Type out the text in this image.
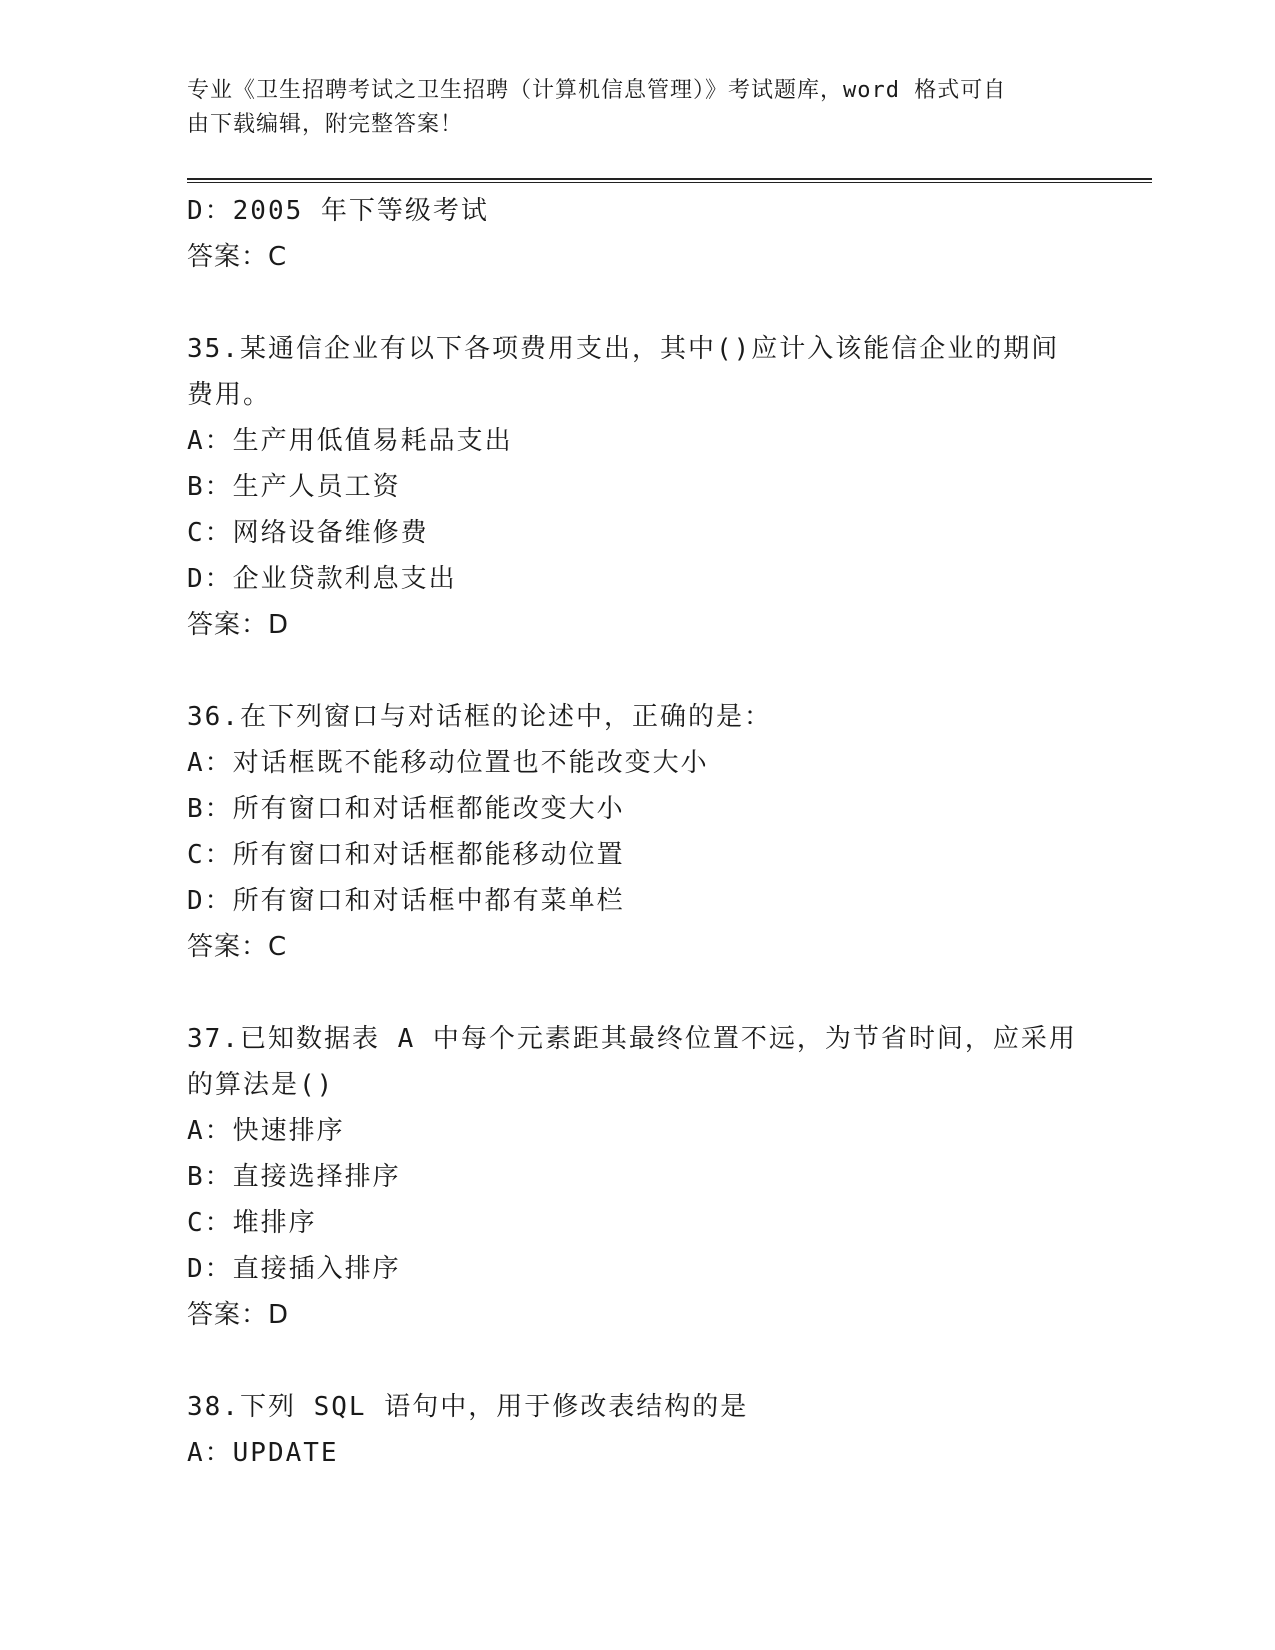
专业《卫生招聘考试之卫生招聘（计算机信息管理）》考试题库，word 格式可自
由下载编辑，附完整答案！
D：2005 年下等级考试
答案：C
35.某通信企业有以下各项费用支出，其中()应计入该能信企业的期间
费用。
A：生产用低值易耗品支出
B：生产人员工资
C：网络设备维修费
D：企业贷款利息支出
答案：D
36.在下列窗口与对话框的论述中，正确的是：
A：对话框既不能移动位置也不能改变大小
B：所有窗口和对话框都能改变大小
C：所有窗口和对话框都能移动位置
D：所有窗口和对话框中都有菜单栏
答案：C
37.已知数据表 A 中每个元素距其最终位置不远，为节省时间，应采用
的算法是()
A：快速排序
B：直接选择排序
C：堆排序
D：直接插入排序
答案：D
38.下列 SQL 语句中，用于修改表结构的是
A：UPDATE
